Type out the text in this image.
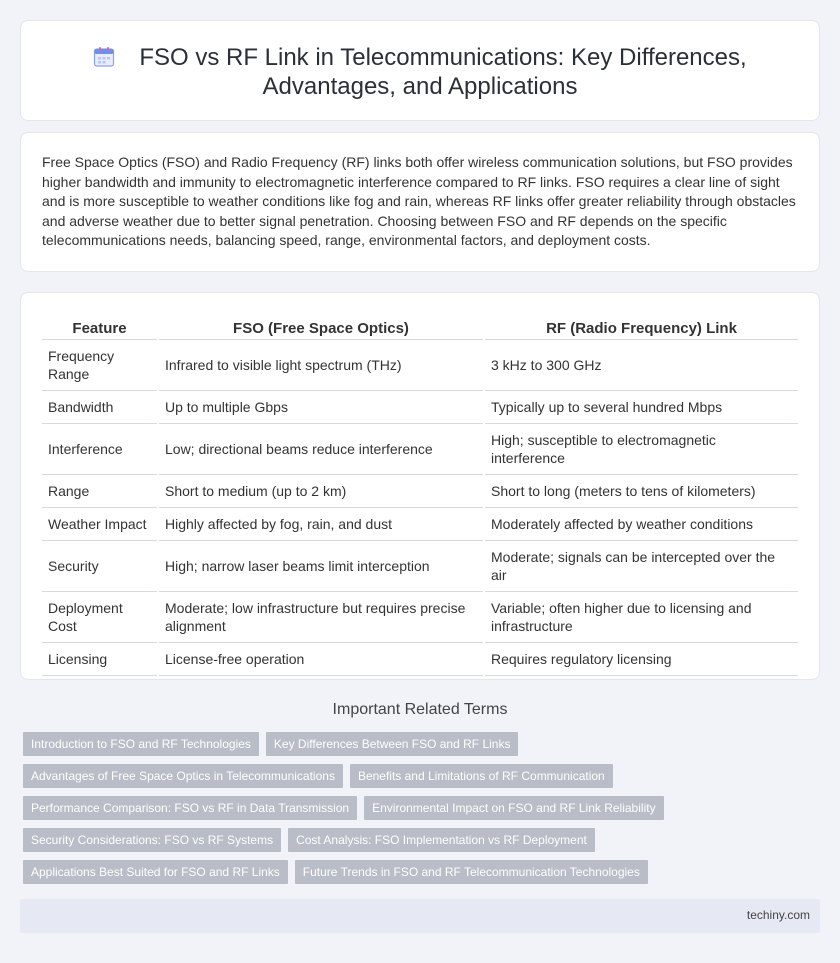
FSO vs RF Link in Telecommunications: Key Differences, Advantages, and Applications

Free Space Optics (FSO) and Radio Frequency (RF) links both offer wireless communication solutions, but FSO provides higher bandwidth and immunity to electromagnetic interference compared to RF links. FSO requires a clear line of sight and is more susceptible to weather conditions like fog and rain, whereas RF links offer greater reliability through obstacles and adverse weather due to better signal penetration. Choosing between FSO and RF depends on the specific telecommunications needs, balancing speed, range, environmental factors, and deployment costs.

Feature	FSO (Free Space Optics)	RF (Radio Frequency) Link
Frequency Range	Infrared to visible light spectrum (THz)	3 kHz to 300 GHz
Bandwidth	Up to multiple Gbps	Typically up to several hundred Mbps
Interference	Low; directional beams reduce interference	High; susceptible to electromagnetic interference
Range	Short to medium (up to 2 km)	Short to long (meters to tens of kilometers)
Weather Impact	Highly affected by fog, rain, and dust	Moderately affected by weather conditions
Security	High; narrow laser beams limit interception	Moderate; signals can be intercepted over the air
Deployment Cost	Moderate; low infrastructure but requires precise alignment	Variable; often higher due to licensing and infrastructure
Licensing	License-free operation	Requires regulatory licensing
Important Related Terms
Introduction to FSO and RF Technologies	Key Differences Between FSO and RF Links
Advantages of Free Space Optics in Telecommunications	Benefits and Limitations of RF Communication
Performance Comparison: FSO vs RF in Data Transmission	Environmental Impact on FSO and RF Link Reliability
Security Considerations: FSO vs RF Systems	Cost Analysis: FSO Implementation vs RF Deployment
Applications Best Suited for FSO and RF Links	Future Trends in FSO and RF Telecommunication Technologies
techiny.com
